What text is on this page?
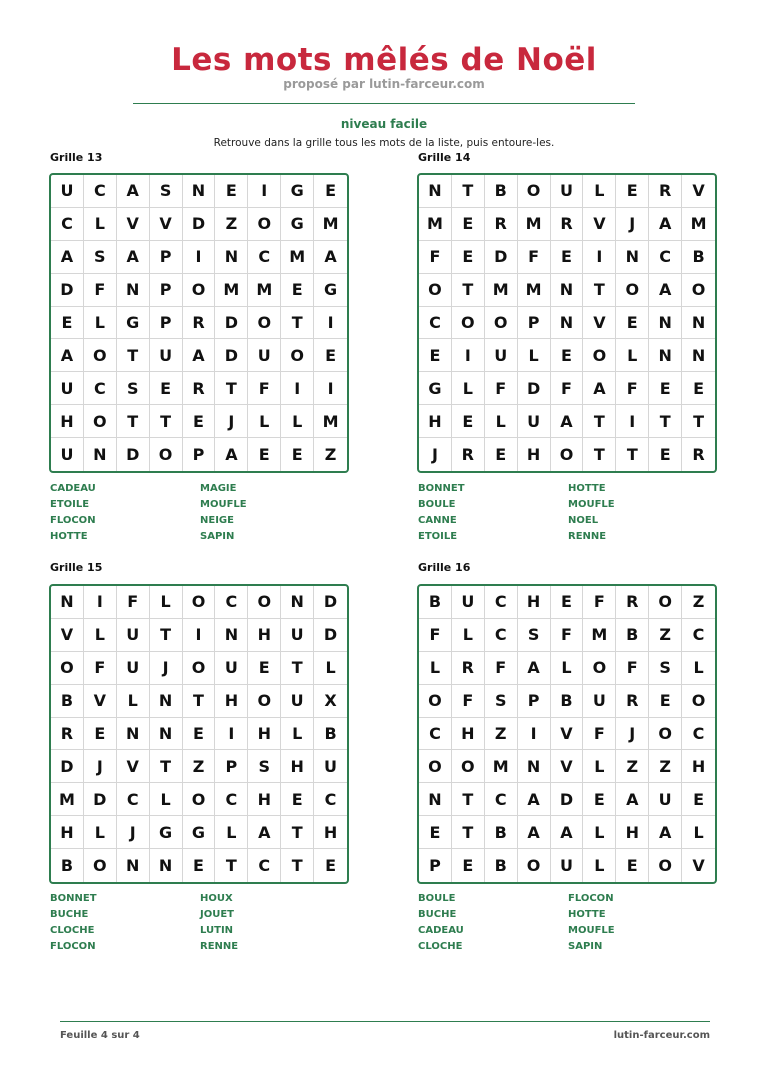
Les mots mêlés de Noël
proposé par lutin-farceur.com
niveau facile
Retrouve dans la grille tous les mots de la liste, puis entoure-les.
Grille 13
U	C	A	S	N	E	I	G	E
C	L	V	V	D	Z	O	G	M
A	S	A	P	I	N	C	M	A
D	F	N	P	O	M	M	E	G
E	L	G	P	R	D	O	T	I
A	O	T	U	A	D	U	O	E
U	C	S	E	R	T	F	I	I
H	O	T	T	E	J	L	L	M
U	N	D	O	P	A	E	E	Z
CADEAU
ETOILE
FLOCON
HOTTE
MAGIE
MOUFLE
NEIGE
SAPIN
Grille 14
N	T	B	O	U	L	E	R	V
M	E	R	M	R	V	J	A	M
F	E	D	F	E	I	N	C	B
O	T	M	M	N	T	O	A	O
C	O	O	P	N	V	E	N	N
E	I	U	L	E	O	L	N	N
G	L	F	D	F	A	F	E	E
H	E	L	U	A	T	I	T	T
J	R	E	H	O	T	T	E	R
BONNET
BOULE
CANNE
ETOILE
HOTTE
MOUFLE
NOEL
RENNE
Grille 15
N	I	F	L	O	C	O	N	D
V	L	U	T	I	N	H	U	D
O	F	U	J	O	U	E	T	L
B	V	L	N	T	H	O	U	X
R	E	N	N	E	I	H	L	B
D	J	V	T	Z	P	S	H	U
M	D	C	L	O	C	H	E	C
H	L	J	G	G	L	A	T	H
B	O	N	N	E	T	C	T	E
BONNET
BUCHE
CLOCHE
FLOCON
HOUX
JOUET
LUTIN
RENNE
Grille 16
B	U	C	H	E	F	R	O	Z
F	L	C	S	F	M	B	Z	C
L	R	F	A	L	O	F	S	L
O	F	S	P	B	U	R	E	O
C	H	Z	I	V	F	J	O	C
O	O	M	N	V	L	Z	Z	H
N	T	C	A	D	E	A	U	E
E	T	B	A	A	L	H	A	L
P	E	B	O	U	L	E	O	V
BOULE
BUCHE
CADEAU
CLOCHE
FLOCON
HOTTE
MOUFLE
SAPIN
Feuille 4 sur 4	lutin-farceur.com
